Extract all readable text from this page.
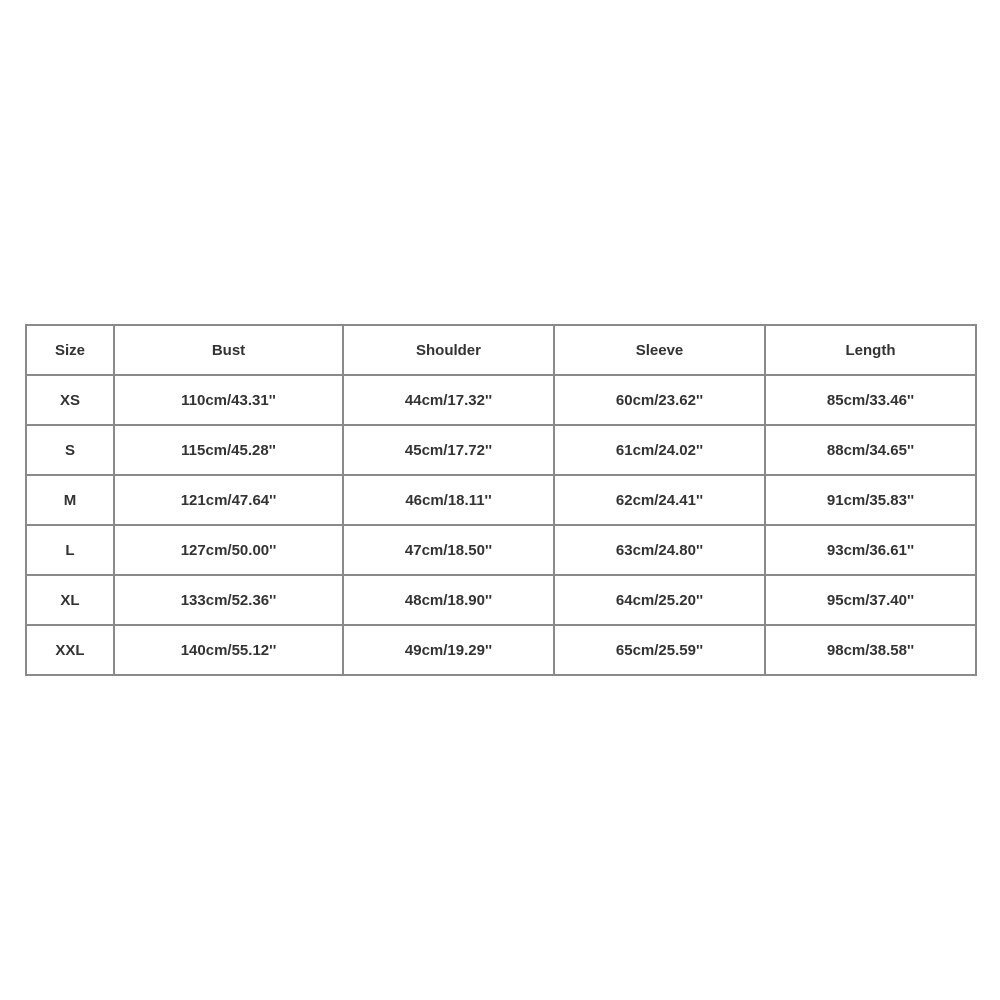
Size	Bust	Shoulder	Sleeve	Length
XS	110cm/43.31''	44cm/17.32''	60cm/23.62''	85cm/33.46''
S	115cm/45.28''	45cm/17.72''	61cm/24.02''	88cm/34.65''
M	121cm/47.64''	46cm/18.11''	62cm/24.41''	91cm/35.83''
L	127cm/50.00''	47cm/18.50''	63cm/24.80''	93cm/36.61''
XL	133cm/52.36''	48cm/18.90''	64cm/25.20''	95cm/37.40''
XXL	140cm/55.12''	49cm/19.29''	65cm/25.59''	98cm/38.58''
